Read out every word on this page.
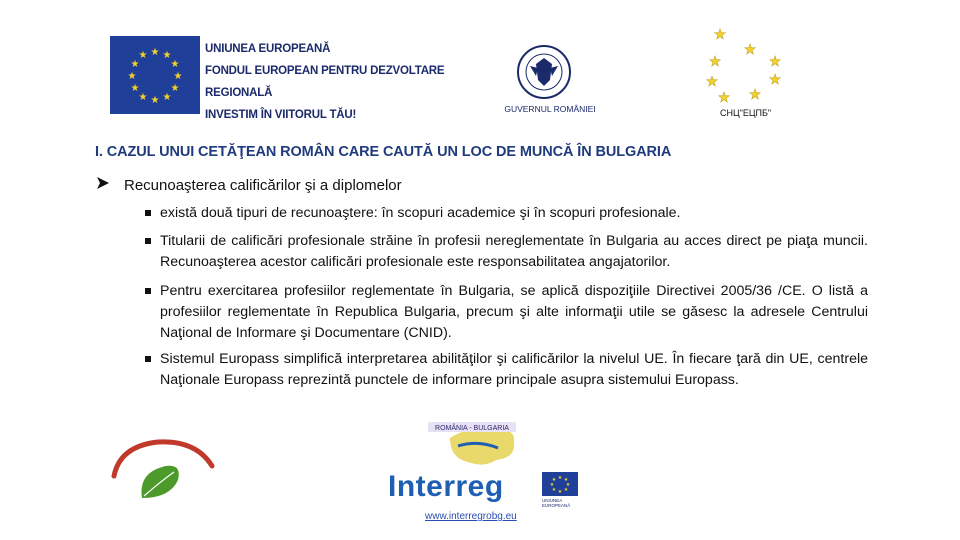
★ ★
★
★
★
★
★
★
★
★
★
★
UNIUNEA EUROPEANĂ
FONDUL EUROPEAN PENTRU DEZVOLTARE REGIONALĂ
INVESTIM ÎN VIITORUL TĂU!	GUVERNUL ROMÂNIEI
★
★
★	★
★	★
★ ★
СНЦ"ЕЦПБ"
I. CAZUL UNUI CETĂŢEAN ROMÂN CARE CAUTĂ UN LOC DE MUNCĂ ÎN BULGARIA
Recunoaşterea calificărilor şi a diplomelor
există două tipuri de recunoaştere: în scopuri academice şi în scopuri profesionale.
Titularii de calificări profesionale străine în profesii nereglementate în Bulgaria au acces direct pe piaţa muncii. Recunoaşterea acestor calificări profesionale este responsabilitatea angajatorilor.
Pentru exercitarea profesiilor reglementate în Bulgaria, se aplică dispoziţiile Directivei 2005/36 /CE. O listă a profesiilor reglementate în Republica Bulgaria, precum şi alte informaţii utile se găsesc la adresele Centrului Naţional de Informare şi Documentare (CNID).
Sistemul Europass simplifică interpretarea abilităţilor şi calificărilor la nivelul UE. În fiecare ţară din UE, centrele Naţionale Europass reprezintă punctele de informare principale asupra sistemului Europass.
ROMÂNIA - BULGARIA
Interreg	★ ★
★
★
★
★
★
★
UNIUNEA EUROPEANĂ
www.interregrobg.eu
